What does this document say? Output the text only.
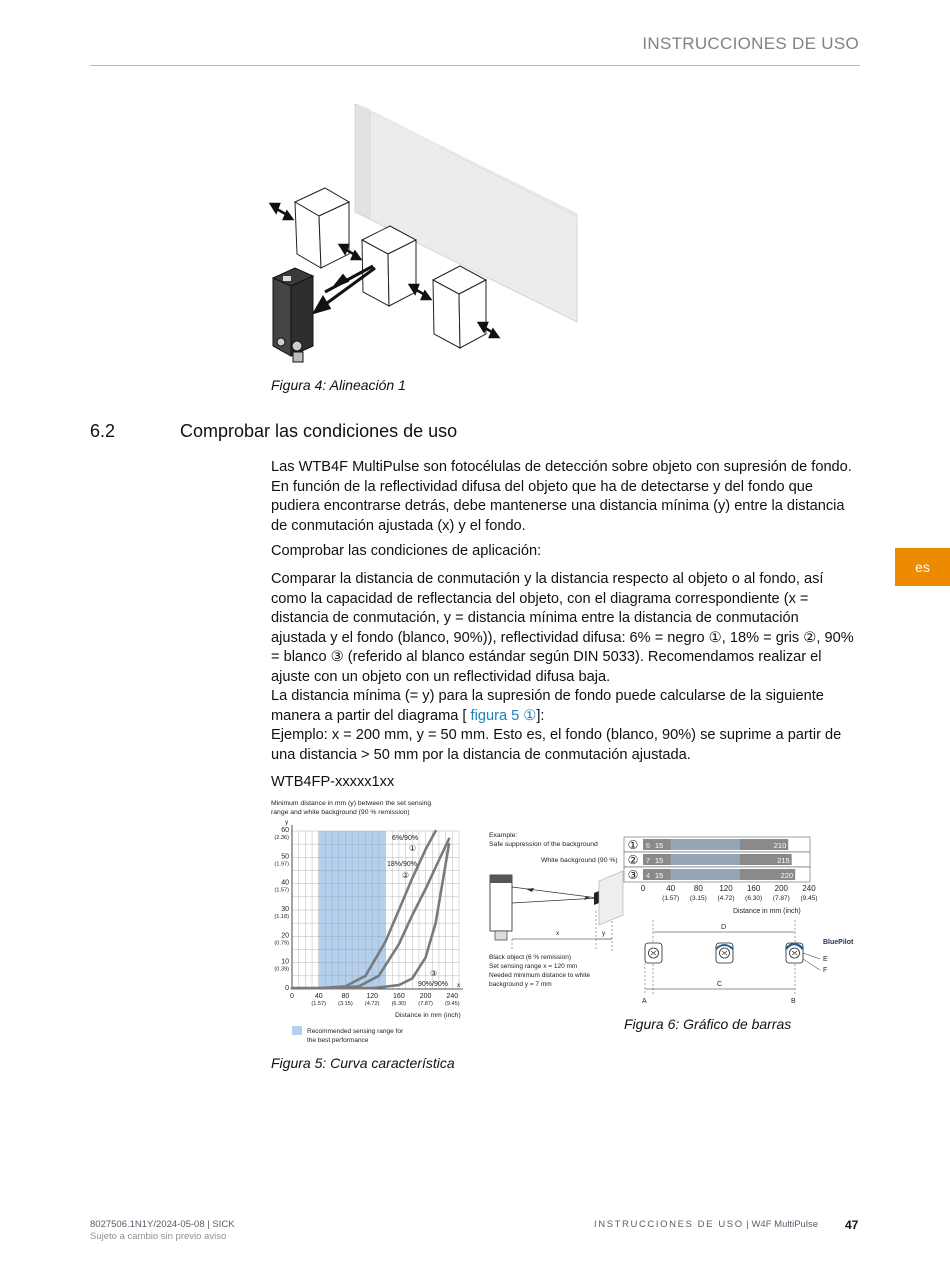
INSTRUCCIONES DE USO
es
Figura 4: Alineación 1
6.2	Comprobar las condiciones de uso

Las WTB4F MultiPulse son fotocélulas de detección sobre objeto con supresión de fondo. En función de la reflectividad difusa del objeto que ha de detectarse y del fondo que pudiera encontrarse detrás, debe mantenerse una distancia mínima (y) entre la distancia de conmutación ajustada (x) y el fondo.

Comprobar las condiciones de aplicación:

Comparar la distancia de conmutación y la distancia respecto al objeto o al fondo, así como la capacidad de reflectancia del objeto, con el diagrama correspondiente (x = distancia de conmutación, y = distancia mínima entre la distancia de conmutación ajustada y el fondo (blanco, 90%)), reflectividad difusa: 6% = negro ①, 18% = gris ②, 90% = blanco ③ (referido al blanco estándar según DIN 5033). Recomendamos realizar el ajuste con un objeto con un reflectividad difusa baja.

La distancia mínima (= y) para la supresión de fondo puede calcularse de la siguiente manera a partir del diagrama [ figura 5 ①]:

Ejemplo: x = 200 mm, y = 50 mm. Esto es, el fondo (blanco, 90%) se suprime a partir de una distancia > 50 mm por la distancia de conmutación ajustada.

WTB4FP-xxxxx1xx
Minimum distance in mm (y) between the set sensing
range and white background (90 % remission)
y
0	40
(1.57)
80
(3.15)
120
(4.72)
160
(6.30)
200
(7.87)
240
(9.45)
0
10
(0.39)
20
(0.79)
30
(1.18)
40
(1.57)
50
(1.97)
60
(2.36)
x
6%/90%
①
18%/90%
②
③
90%/90%
Distance in mm (inch)
Recommended sensing range for
the best performance
Figura 5: Curva característica
Example:
Safe suppression of the background
White background (90 %)
x	y
Black object (6 % remission)
Set sensing range x = 120 mm
Needed minimum distance to white
background y = 7 mm
① 6 15	210
② 7 15	215
③ 4 15	220
0	40
(1.57)
80
(3.15)
120
(4.72)
160
(6.30)
200
(7.87)
240
(9.45)
Distance in mm (inch)
D
C
A	B
BluePilot
E
F
Figura 6: Gráfico de barras
8027506.1N1Y/2024-05-08 | SICK
Sujeto a cambio sin previo aviso
INSTRUCCIONES DE USO | W4F MultiPulse 47
